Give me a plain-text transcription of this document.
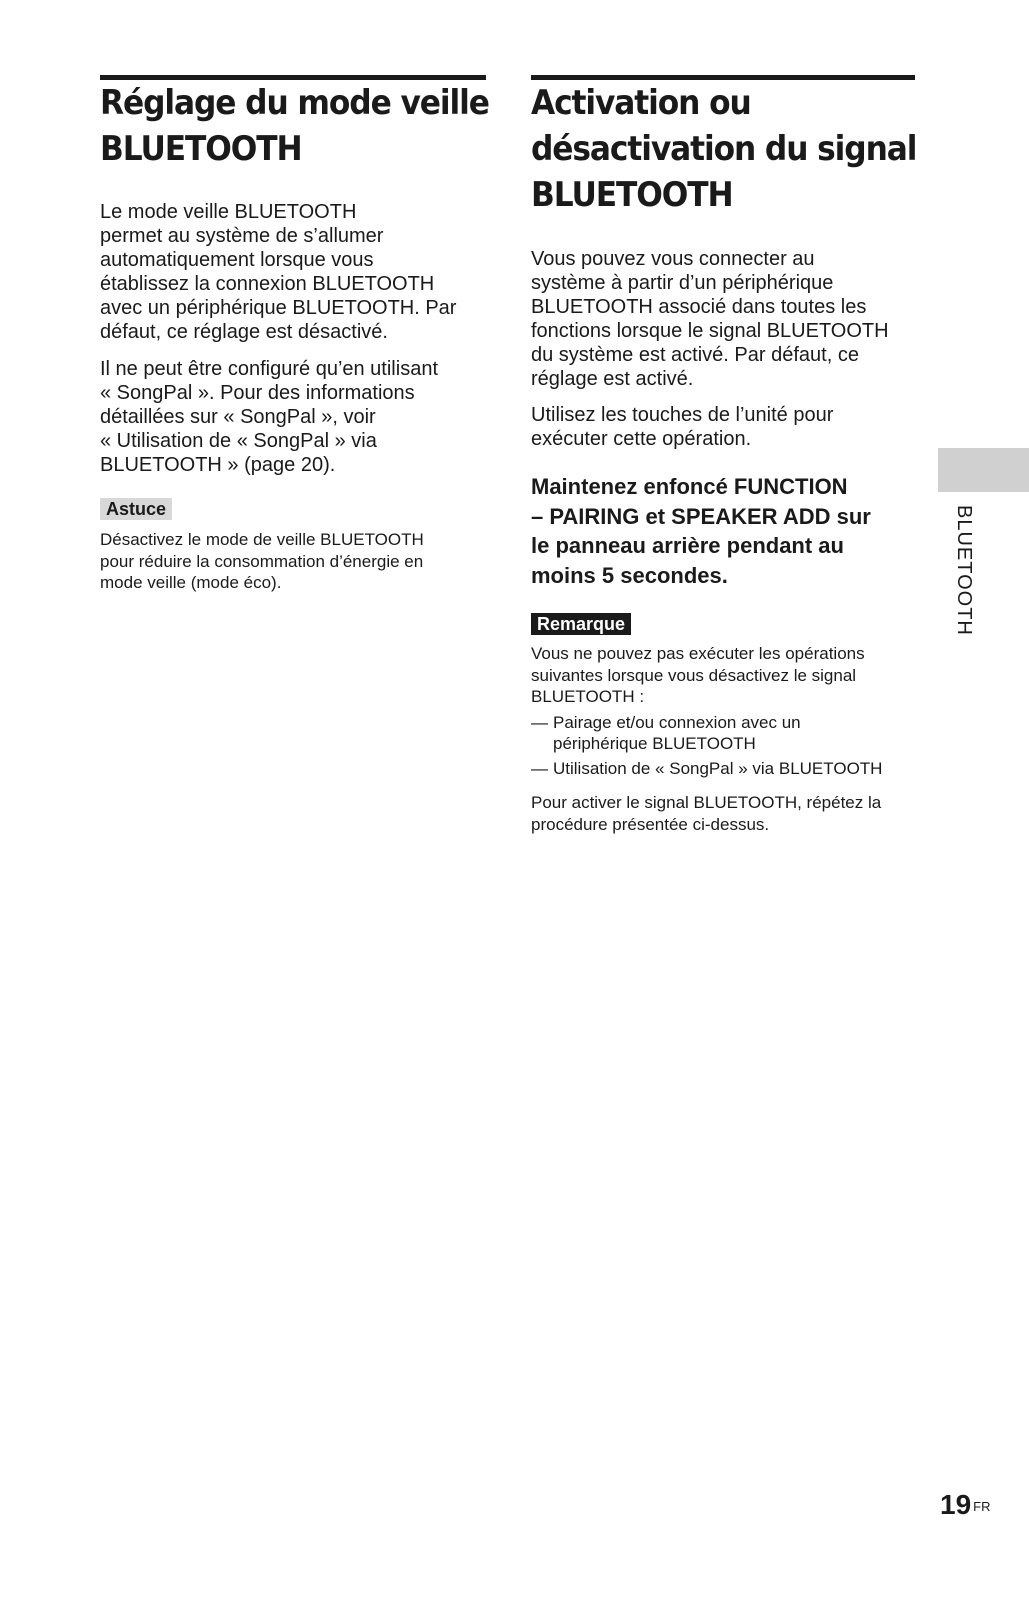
Réglage du mode veille
BLUETOOTH

Le mode veille BLUETOOTH
permet au système de s’allumer
automatiquement lorsque vous
établissez la connexion BLUETOOTH
avec un périphérique BLUETOOTH. Par
défaut, ce réglage est désactivé.

Il ne peut être configuré qu’en utilisant
« SongPal ». Pour des informations
détaillées sur « SongPal », voir
« Utilisation de « SongPal » via
BLUETOOTH » (page 20).

Astuce

Désactivez le mode de veille BLUETOOTH
pour réduire la consommation d’énergie en
mode veille (mode éco).

Activation ou
désactivation du signal
BLUETOOTH

Vous pouvez vous connecter au
système à partir d’un périphérique
BLUETOOTH associé dans toutes les
fonctions lorsque le signal BLUETOOTH
du système est activé. Par défaut, ce
réglage est activé.

Utilisez les touches de l’unité pour
exécuter cette opération.

Maintenez enfoncé FUNCTION
– PAIRING et SPEAKER ADD sur
le panneau arrière pendant au
moins 5 secondes.

Remarque

Vous ne pouvez pas exécuter les opérations
suivantes lorsque vous désactivez le signal
BLUETOOTH :

— Pairage et/ou connexion avec un
périphérique BLUETOOTH
— Utilisation de « SongPal » via BLUETOOTH

Pour activer le signal BLUETOOTH, répétez la
procédure présentée ci-dessus.

BLUETOOTH
19 $^{FR}$
